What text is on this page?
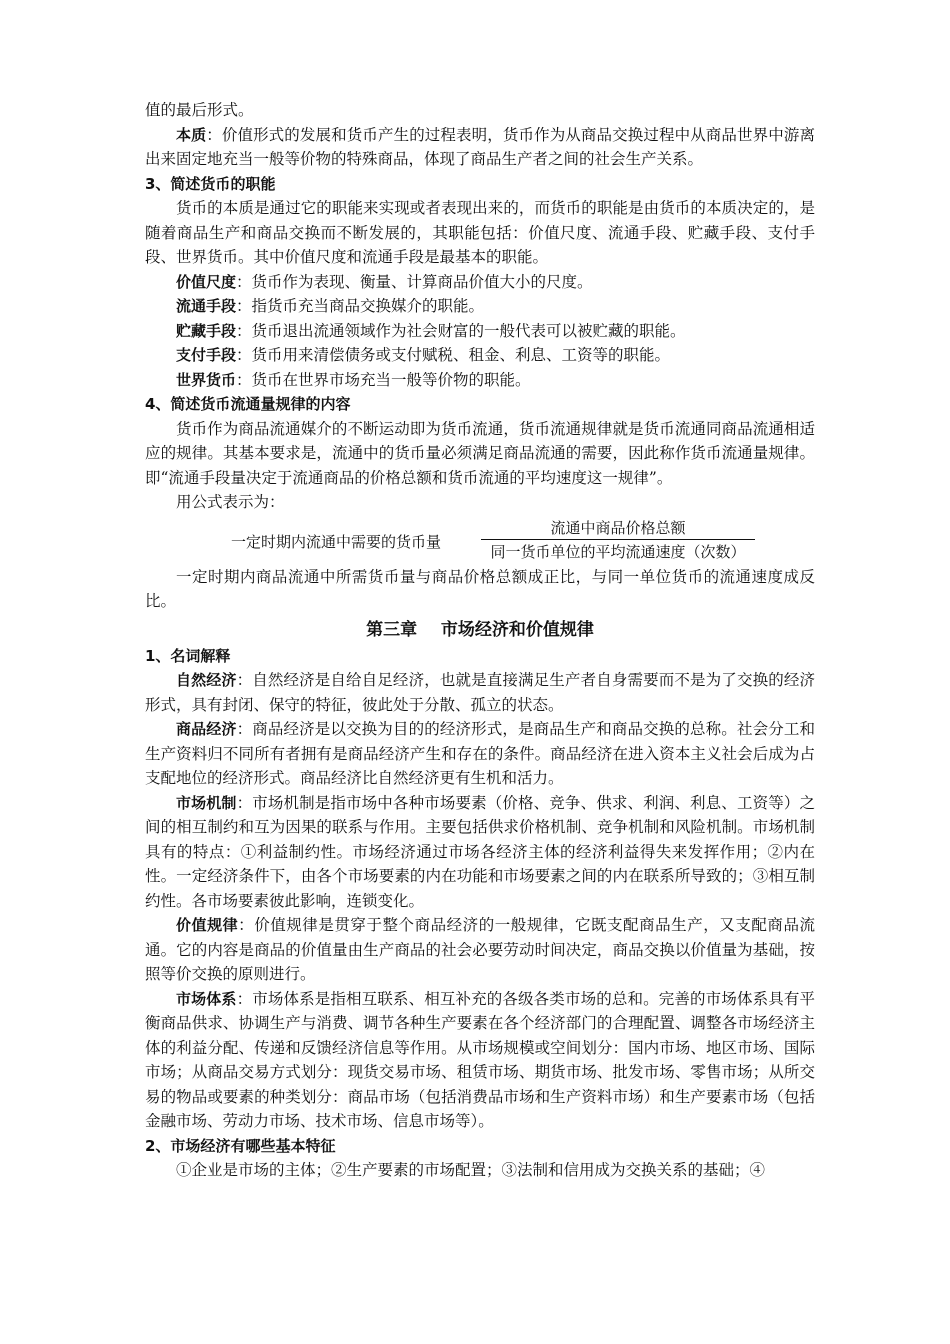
值的最后形式。

本质：价值形式的发展和货币产生的过程表明，货币作为从商品交换过程中从商品世界中游离出来固定地充当一般等价物的特殊商品，体现了商品生产者之间的社会生产关系。

3、简述货币的职能

货币的本质是通过它的职能来实现或者表现出来的，而货币的职能是由货币的本质决定的，是随着商品生产和商品交换而不断发展的，其职能包括：价值尺度、流通手段、贮藏手段、支付手段、世界货币。其中价值尺度和流通手段是最基本的职能。

价值尺度：货币作为表现、衡量、计算商品价值大小的尺度。

流通手段：指货币充当商品交换媒介的职能。

贮藏手段：货币退出流通领域作为社会财富的一般代表可以被贮藏的职能。

支付手段：货币用来清偿债务或支付赋税、租金、利息、工资等的职能。

世界货币：货币在世界市场充当一般等价物的职能。

4、简述货币流通量规律的内容

货币作为商品流通媒介的不断运动即为货币流通，货币流通规律就是货币流通同商品流通相适应的规律。其基本要求是，流通中的货币量必须满足商品流通的需要，因此称作货币流通量规律。即“流通手段量决定于流通商品的价格总额和货币流通的平均速度这一规律”。

用公式表示为：

一定时期内流通中需要的货币量
流通中商品价格总额
同一货币单位的平均流通速度（次数）

一定时期内商品流通中所需货币量与商品价格总额成正比，与同一单位货币的流通速度成反比。

第三章    市场经济和价值规律

1、名词解释

自然经济：自然经济是自给自足经济，也就是直接满足生产者自身需要而不是为了交换的经济形式，具有封闭、保守的特征，彼此处于分散、孤立的状态。

商品经济：商品经济是以交换为目的的经济形式，是商品生产和商品交换的总称。社会分工和生产资料归不同所有者拥有是商品经济产生和存在的条件。商品经济在进入资本主义社会后成为占支配地位的经济形式。商品经济比自然经济更有生机和活力。

市场机制：市场机制是指市场中各种市场要素（价格、竞争、供求、利润、利息、工资等）之间的相互制约和互为因果的联系与作用。主要包括供求价格机制、竞争机制和风险机制。市场机制具有的特点：①利益制约性。市场经济通过市场各经济主体的经济利益得失来发挥作用；②内在性。一定经济条件下，由各个市场要素的内在功能和市场要素之间的内在联系所导致的；③相互制约性。各市场要素彼此影响，连锁变化。

价值规律：价值规律是贯穿于整个商品经济的一般规律，它既支配商品生产，又支配商品流通。它的内容是商品的价值量由生产商品的社会必要劳动时间决定，商品交换以价值量为基础，按照等价交换的原则进行。

市场体系：市场体系是指相互联系、相互补充的各级各类市场的总和。完善的市场体系具有平衡商品供求、协调生产与消费、调节各种生产要素在各个经济部门的合理配置、调整各市场经济主体的利益分配、传递和反馈经济信息等作用。从市场规模或空间划分：国内市场、地区市场、国际市场；从商品交易方式划分：现货交易市场、租赁市场、期货市场、批发市场、零售市场；从所交易的物品或要素的种类划分：商品市场（包括消费品市场和生产资料市场）和生产要素市场（包括金融市场、劳动力市场、技术市场、信息市场等）。

2、市场经济有哪些基本特征

①企业是市场的主体；②生产要素的市场配置；③法制和信用成为交换关系的基础；④
